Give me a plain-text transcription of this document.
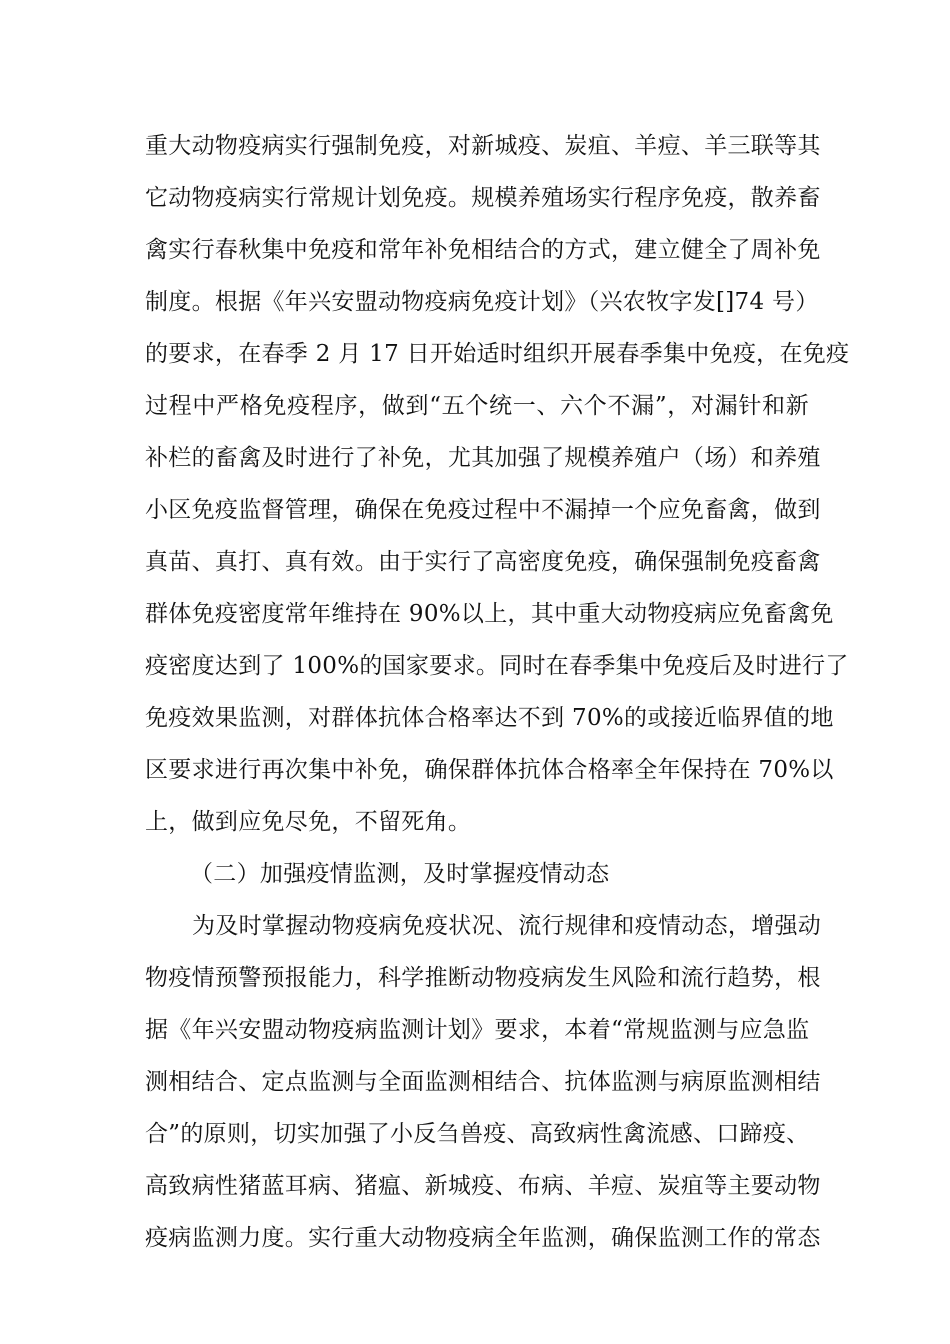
重大动物疫病实行强制免疫，对新城疫、炭疽、羊痘、羊三联等其
它动物疫病实行常规计划免疫。规模养殖场实行程序免疫，散养畜
禽实行春秋集中免疫和常年补免相结合的方式，建立健全了周补免
制度。根据《年兴安盟动物疫病免疫计划》（兴农牧字发[]74 号）
的要求，在春季 2 月 17 日开始适时组织开展春季集中免疫，在免疫
过程中严格免疫程序，做到“五个统一、六个不漏”，对漏针和新
补栏的畜禽及时进行了补免，尤其加强了规模养殖户（场）和养殖
小区免疫监督管理，确保在免疫过程中不漏掉一个应免畜禽，做到
真苗、真打、真有效。由于实行了高密度免疫，确保强制免疫畜禽
群体免疫密度常年维持在 90%以上，其中重大动物疫病应免畜禽免
疫密度达到了 100%的国家要求。同时在春季集中免疫后及时进行了
免疫效果监测，对群体抗体合格率达不到 70%的或接近临界值的地
区要求进行再次集中补免，确保群体抗体合格率全年保持在 70%以
上，做到应免尽免，不留死角。
（二）加强疫情监测，及时掌握疫情动态
为及时掌握动物疫病免疫状况、流行规律和疫情动态，增强动
物疫情预警预报能力，科学推断动物疫病发生风险和流行趋势，根
据《年兴安盟动物疫病监测计划》要求，本着“常规监测与应急监
测相结合、定点监测与全面监测相结合、抗体监测与病原监测相结
合”的原则，切实加强了小反刍兽疫、高致病性禽流感、口蹄疫、
高致病性猪蓝耳病、猪瘟、新城疫、布病、羊痘、炭疽等主要动物
疫病监测力度。实行重大动物疫病全年监测，确保监测工作的常态
